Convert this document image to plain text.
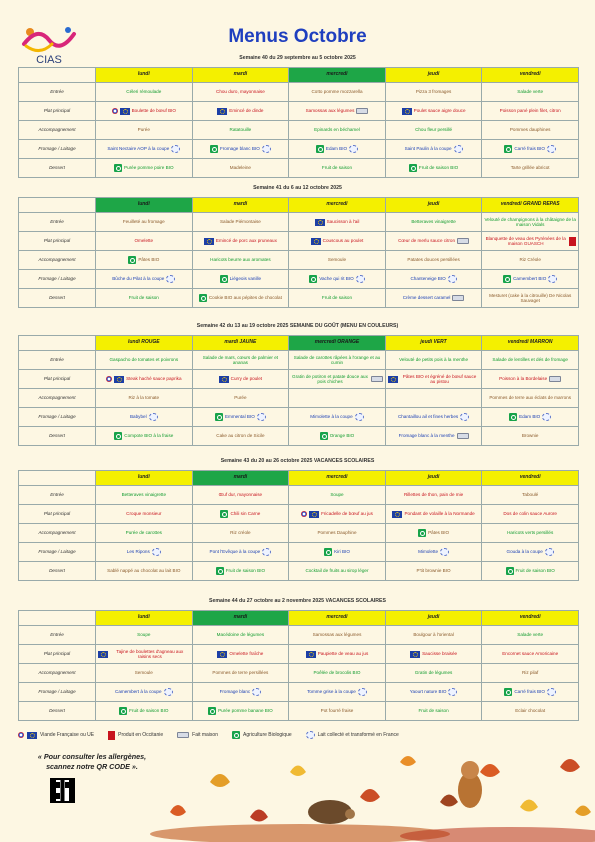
CIAS
Menus Octobre
Semaine 40 du 29 septembre au 5 octobre 2025
	lundi	mardi	mercredi	jeudi	vendredi
Entrée	Céleri rémoulade	Chou duro, mayonnaise	Coïto pomme mozzarella	Pizza 3 fromages	Salade verte

Plat principal	Boulette de bœuf BIO	Emincé de dinde	Samossas aux légumes	Poulet sauce aigre douce	Poisson pané plein filet, citron

Accompagnement	Purée	Ratatouille	Epinards en béchamel	Chou fleur persillé	Pommes dauphines

Fromage / Laitage	Saint Nectaire AOP à la coupe	Fromage blanc BIO	Edam BIO	Saint Paulin à la coupe	Carré frais BIO

Dessert	Purée pomme poire BIO	Madeleine	Fruit de saison	Fruit de saison BIO	Tarte grillée abricot
Semaine 41 du 6 au 12 octobre 2025
	lundi	mardi	mercredi	jeudi	vendredi GRAND REPAS
Entrée	Feuilleté au fromage	Salade Piémontaise	Saucisson à l'ail	Betteraves vinaigrette	Velouté de champignons à la châtaigne de la maison Vidals

Plat principal	Omelette	Emincé de porc aux pruneaux	Couscous au poulet	Cœur de merlu sauce citron	Blanquette de veau des Pyrénées de la maison GUASCH

Accompagnement	Pâtes BIO	Haricots beurre aux aromates	Semoule	Patates douces persillées	Riz Créole

Fromage / Laitage	Bûche du Pilat à la coupe	Liégeois vanille	Vache qui rit BIO	Chanteneige BIO	Camembert BIO

Dessert	Fruit de saison	Cookie BIO aux pépites de chocolat	Fruit de saison	Crème dessert caramel	Mesturet (cake à la citrouille) De Nicolas Sauvaget
Semaine 42 du 13 au 19 octobre 2025 SEMAINE DU GOÛT (MENU EN COULEURS)
	lundi ROUGE	mardi JAUNE	mercredi ORANGE	jeudi VERT	vendredi MARRON
Entrée	Gaspacho de tomates et poivrons	Salade de maïs, cœurs de palmier et ananas	Salade de carottes râpées à l'orange et au cumin	Velouté de petits pois à la menthe	Salade de lentilles et dés de fromage

Plat principal	Steak haché sauce paprika	Curry de poulet	Gratin de potiron et patate douce aux pois chiches	Pâtes BIO et égréné de bœuf sauce au pistou	Poisson à la Bordelaise

Accompagnement	Riz à la tomate	Purée			Pommes de terre aux éclats de marrons

Fromage / Laitage	Babybel	Emmental BIO	Mimolette à la coupe	Chantaillou ail et fines herbes	Edam BIO

Dessert	Compote BIO à la fraise	Cake au citron de Sicile	Orange BIO	Fromage blanc à la menthe	Brownie
Semaine 43 du 20 au 26 octobre 2025 VACANCES SCOLAIRES
	lundi	mardi	mercredi	jeudi	vendredi
Entrée	Betteraves vinaigrette	Œuf dur, mayonnaise	Soupe	Rillettes de thon, pain de mie	Taboulé

Plat principal	Croque monsieur	Chili sin Carne	Fricadelle de bœuf au jus	Pondant de volaille à la Normande	Dos de colin sauce Aurore

Accompagnement	Purée de carottes	Riz créole	Pommes Dauphine	Pâtes BIO	Haricots verts persillés

Fromage / Laitage	Les Ripons	Pont l'Evêque à la coupe	Kiri BIO	Mimolette	Gouda à la coupe

Dessert	Sablé nappé au chocolat au lait BIO	Fruit de saison BIO	Cocktail de fruits au sirop léger	P'tit brownie BIO	Fruit de saison BIO
Semaine 44 du 27 octobre au 2 novembre 2025 VACANCES SCOLAIRES
	lundi	mardi	mercredi	jeudi	vendredi
Entrée	Soupe	Macédoine de légumes	Samossas aux légumes	Boulgour à l'oriental	Salade verte

Plat principal	Tajine de boulettes d'agneau aux raisins secs	Omelette fraîche	Paupiette de veau au jus	Saucisse braisée	Encornet sauce Amoricaine

Accompagnement	Semoule	Pommes de terre persillées	Poêlée de brocolis BIO	Gratin de légumes	Riz pilaf

Fromage / Laitage	Camembert à la coupe	Fromage blanc	Tomme grise à la coupe	Yaourt nature BIO	Carré frais BIO

Dessert	Fruit de saison BIO	Purée pomme banane BIO	Pot fourré fraise	Fruit de saison	Eclair chocolat
Viande Française ou UE	Produit en Occitanie	Fait maison	Agriculture Biologique	Lait collecté et transformé en France
« Pour consulter les allergènes,
scannez notre QR CODE ».
